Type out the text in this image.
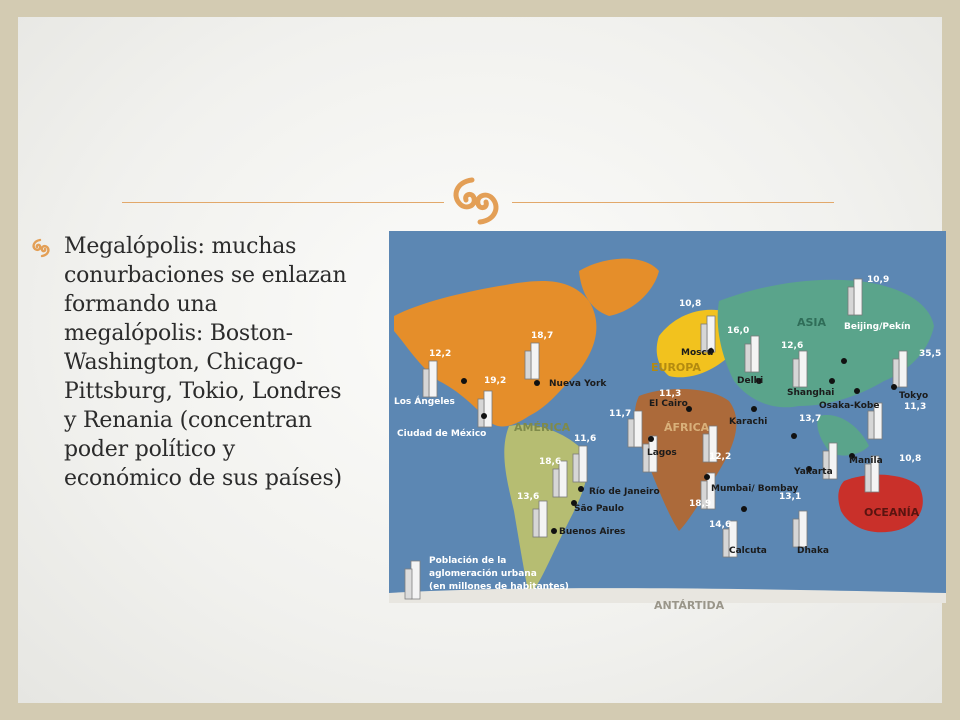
Megalópolis: muchas conurbaciones se enlazan formando una megalópolis: Boston- Washington, Chicago-Pittsburg, Tokio, Londres y Renania (concentran poder político y económico de sus países)

AMÉRICA
EUROPA
ÁFRICA
ASIA
OCEANÍA
ANTÁRTIDA
12,2
Los Ángeles
19,2
Ciudad de México
18,7
Nueva York
11,6
Río de Janeiro
18,6
São Paulo
13,6
Buenos Aires
10,8
Moscú
11,7
El Cairo
11,3
Lagos	12,2
Karachi
16,0
Delhi
18,9
Mumbai/ Bombay
14,6
Calcuta
13,1
Dhaka
12,6
Shanghai
10,9
Beijing/Pekín
35,5
Tokyo
11,3
Osaka-Kobe
10,8
Manila
13,7
Yakarta
Población de la
aglomeración urbana
(en millones de habitantes)
